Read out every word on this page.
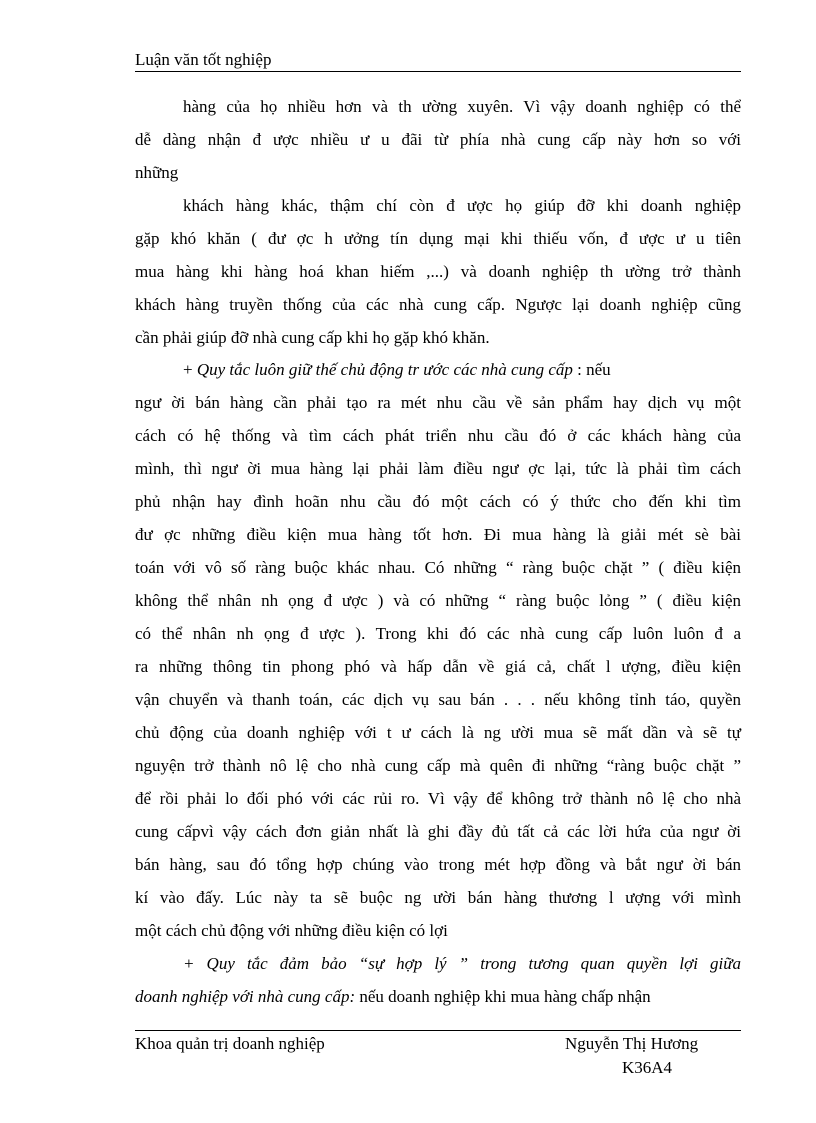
Luận văn tốt nghiệp
hàng của họ nhiều hơn và th ường xuyên. Vì vậy doanh nghiệp có thể
dễ dàng nhận đ ược nhiều ư u đãi từ phía nhà cung cấp này hơn so với
những
khách hàng khác, thậm chí còn đ ược họ giúp đỡ khi doanh nghiệp
gặp khó khăn ( đư ợc h ưởng tín dụng mại khi thiếu vốn, đ ược ư u tiên
mua hàng khi hàng hoá khan hiếm ,...) và doanh nghiệp th ường trở thành
khách hàng truyền thống của các nhà cung cấp. Ngược lại doanh nghiệp cũng
cần phải giúp đỡ nhà cung cấp khi họ gặp khó khăn.
+ Quy tắc luôn giữ thế chủ động tr ước các nhà cung cấp : nếu
ngư ời bán hàng cần phải tạo ra mét nhu cầu về sản phẩm hay dịch vụ một
cách có hệ thống và tìm cách phát triển nhu cầu đó ở các khách hàng của
mình, thì ngư ời mua hàng lại phải làm điều ngư ợc lại, tức là phải tìm cách
phủ nhận hay đình hoãn nhu cầu đó một cách có ý thức cho đến khi tìm
đư ợc những điều kiện mua hàng tốt hơn. Đi mua hàng là giải mét sè bài
toán với vô số ràng buộc khác nhau. Có những “ ràng buộc chặt ” ( điều kiện
không thể nhân nh ọng đ ược ) và có những “ ràng buộc lỏng ” ( điều kiện
có thể nhân nh ọng đ ược ). Trong khi đó các nhà cung cấp luôn luôn đ a
ra những thông tin phong phó và hấp dẫn về giá cả, chất l ượng, điều kiện
vận chuyển và thanh toán, các dịch vụ sau bán . . . nếu không tỉnh táo, quyền
chủ động của doanh nghiệp với t ư cách là ng ười mua sẽ mất dần và sẽ tự
nguyện trở thành nô lệ cho nhà cung cấp mà quên đi những “ràng buộc chặt ”
để rồi phải lo đối phó với các rủi ro. Vì vậy để không trở thành nô lệ cho nhà
cung cấpvì vậy cách đơn giản nhất là ghi đầy đủ tất cả các lời hứa của ngư ời
bán hàng, sau đó tổng hợp chúng vào trong mét hợp đồng và bắt ngư ời bán
kí vào đấy. Lúc này ta sẽ buộc ng ười bán hàng thương l ượng với mình
một cách chủ động với những điều kiện có lợi
+ Quy tắc đảm bảo “sự hợp lý ” trong tương quan quyền lợi giữa
doanh nghiệp với nhà cung cấp: nếu doanh nghiệp khi mua hàng chấp nhận
Khoa quản trị doanh nghiệp	Nguyễn Thị Hương
K36A4
